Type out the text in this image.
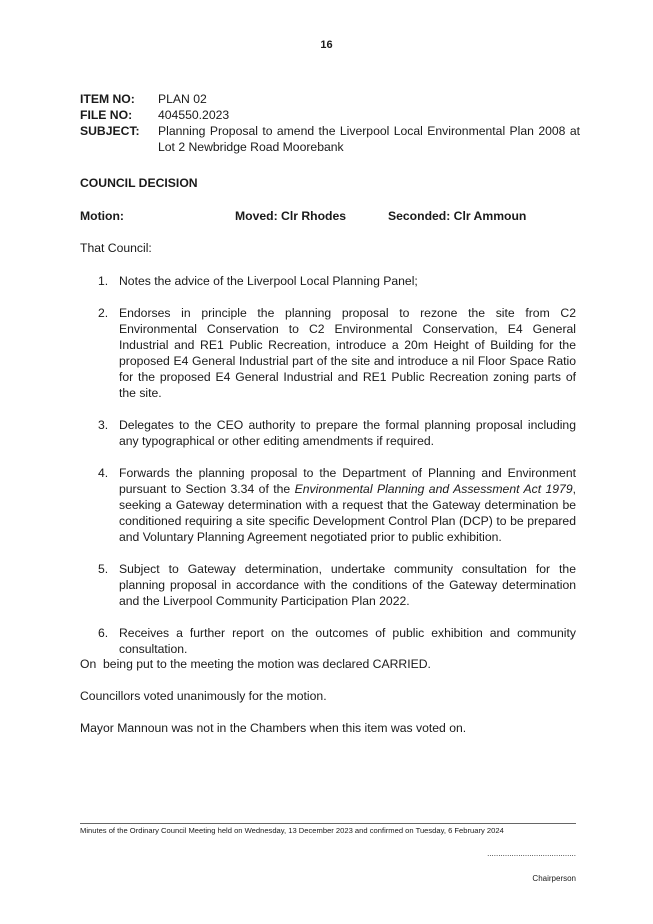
16
ITEM NO:	PLAN 02
FILE NO:	404550.2023
SUBJECT:	Planning Proposal to amend the Liverpool Local Environmental Plan 2008 at Lot 2 Newbridge Road Moorebank
COUNCIL DECISION
Motion:	Moved: Clr Rhodes	Seconded: Clr Ammoun
That Council:
1. Notes the advice of the Liverpool Local Planning Panel;
2. Endorses in principle the planning proposal to rezone the site from C2 Environmental Conservation to C2 Environmental Conservation, E4 General Industrial and RE1 Public Recreation, introduce a 20m Height of Building for the proposed E4 General Industrial part of the site and introduce a nil Floor Space Ratio for the proposed E4 General Industrial and RE1 Public Recreation zoning parts of the site.
3. Delegates to the CEO authority to prepare the formal planning proposal including any typographical or other editing amendments if required.
4. Forwards the planning proposal to the Department of Planning and Environment pursuant to Section 3.34 of the Environmental Planning and Assessment Act 1979, seeking a Gateway determination with a request that the Gateway determination be conditioned requiring a site specific Development Control Plan (DCP) to be prepared and Voluntary Planning Agreement negotiated prior to public exhibition.
5. Subject to Gateway determination, undertake community consultation for the planning proposal in accordance with the conditions of the Gateway determination and the Liverpool Community Participation Plan 2022.
6. Receives a further report on the outcomes of public exhibition and community consultation.
On  being put to the meeting the motion was declared CARRIED.
Councillors voted unanimously for the motion.
Mayor Mannoun was not in the Chambers when this item was voted on.
Minutes of the Ordinary Council Meeting held on Wednesday, 13 December 2023 and confirmed on Tuesday, 6 February 2024
........................................
Chairperson
